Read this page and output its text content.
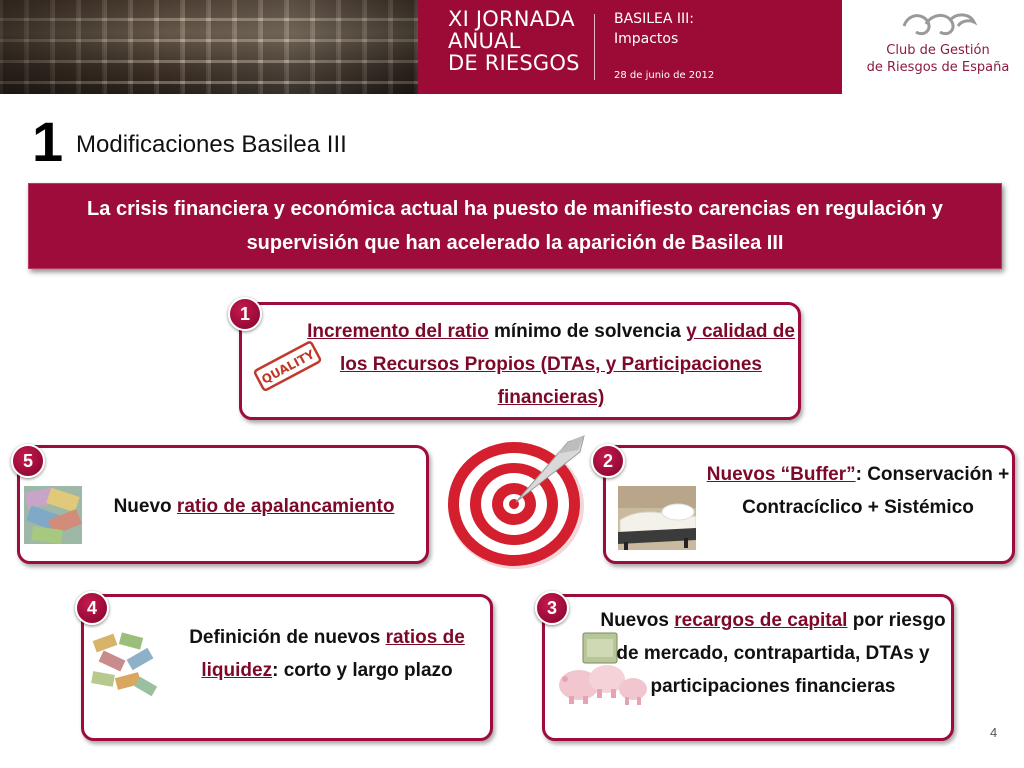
XI JORNADA
ANUAL
DE RIESGOS
BASILEA III:
Impactos
28 de junio de 2012
Club de Gestión
de Riesgos de España
1 Modificaciones Basilea III
La crisis financiera y económica actual ha puesto de manifiesto carencias en regulación y supervisión que han acelerado la aparición de Basilea III
QUALITY
Incremento del ratio mínimo de solvencia y calidad de los Recursos Propios (DTAs, y Participaciones financieras)
1
Nuevos “Buffer”: Conservación + Contracíclico + Sistémico
2
Nuevos recargos de capital por riesgo de mercado, contrapartida, DTAs y participaciones financieras
3
Definición de nuevos ratios de liquidez: corto y largo plazo
4
Nuevo ratio de apalancamiento
5
4
